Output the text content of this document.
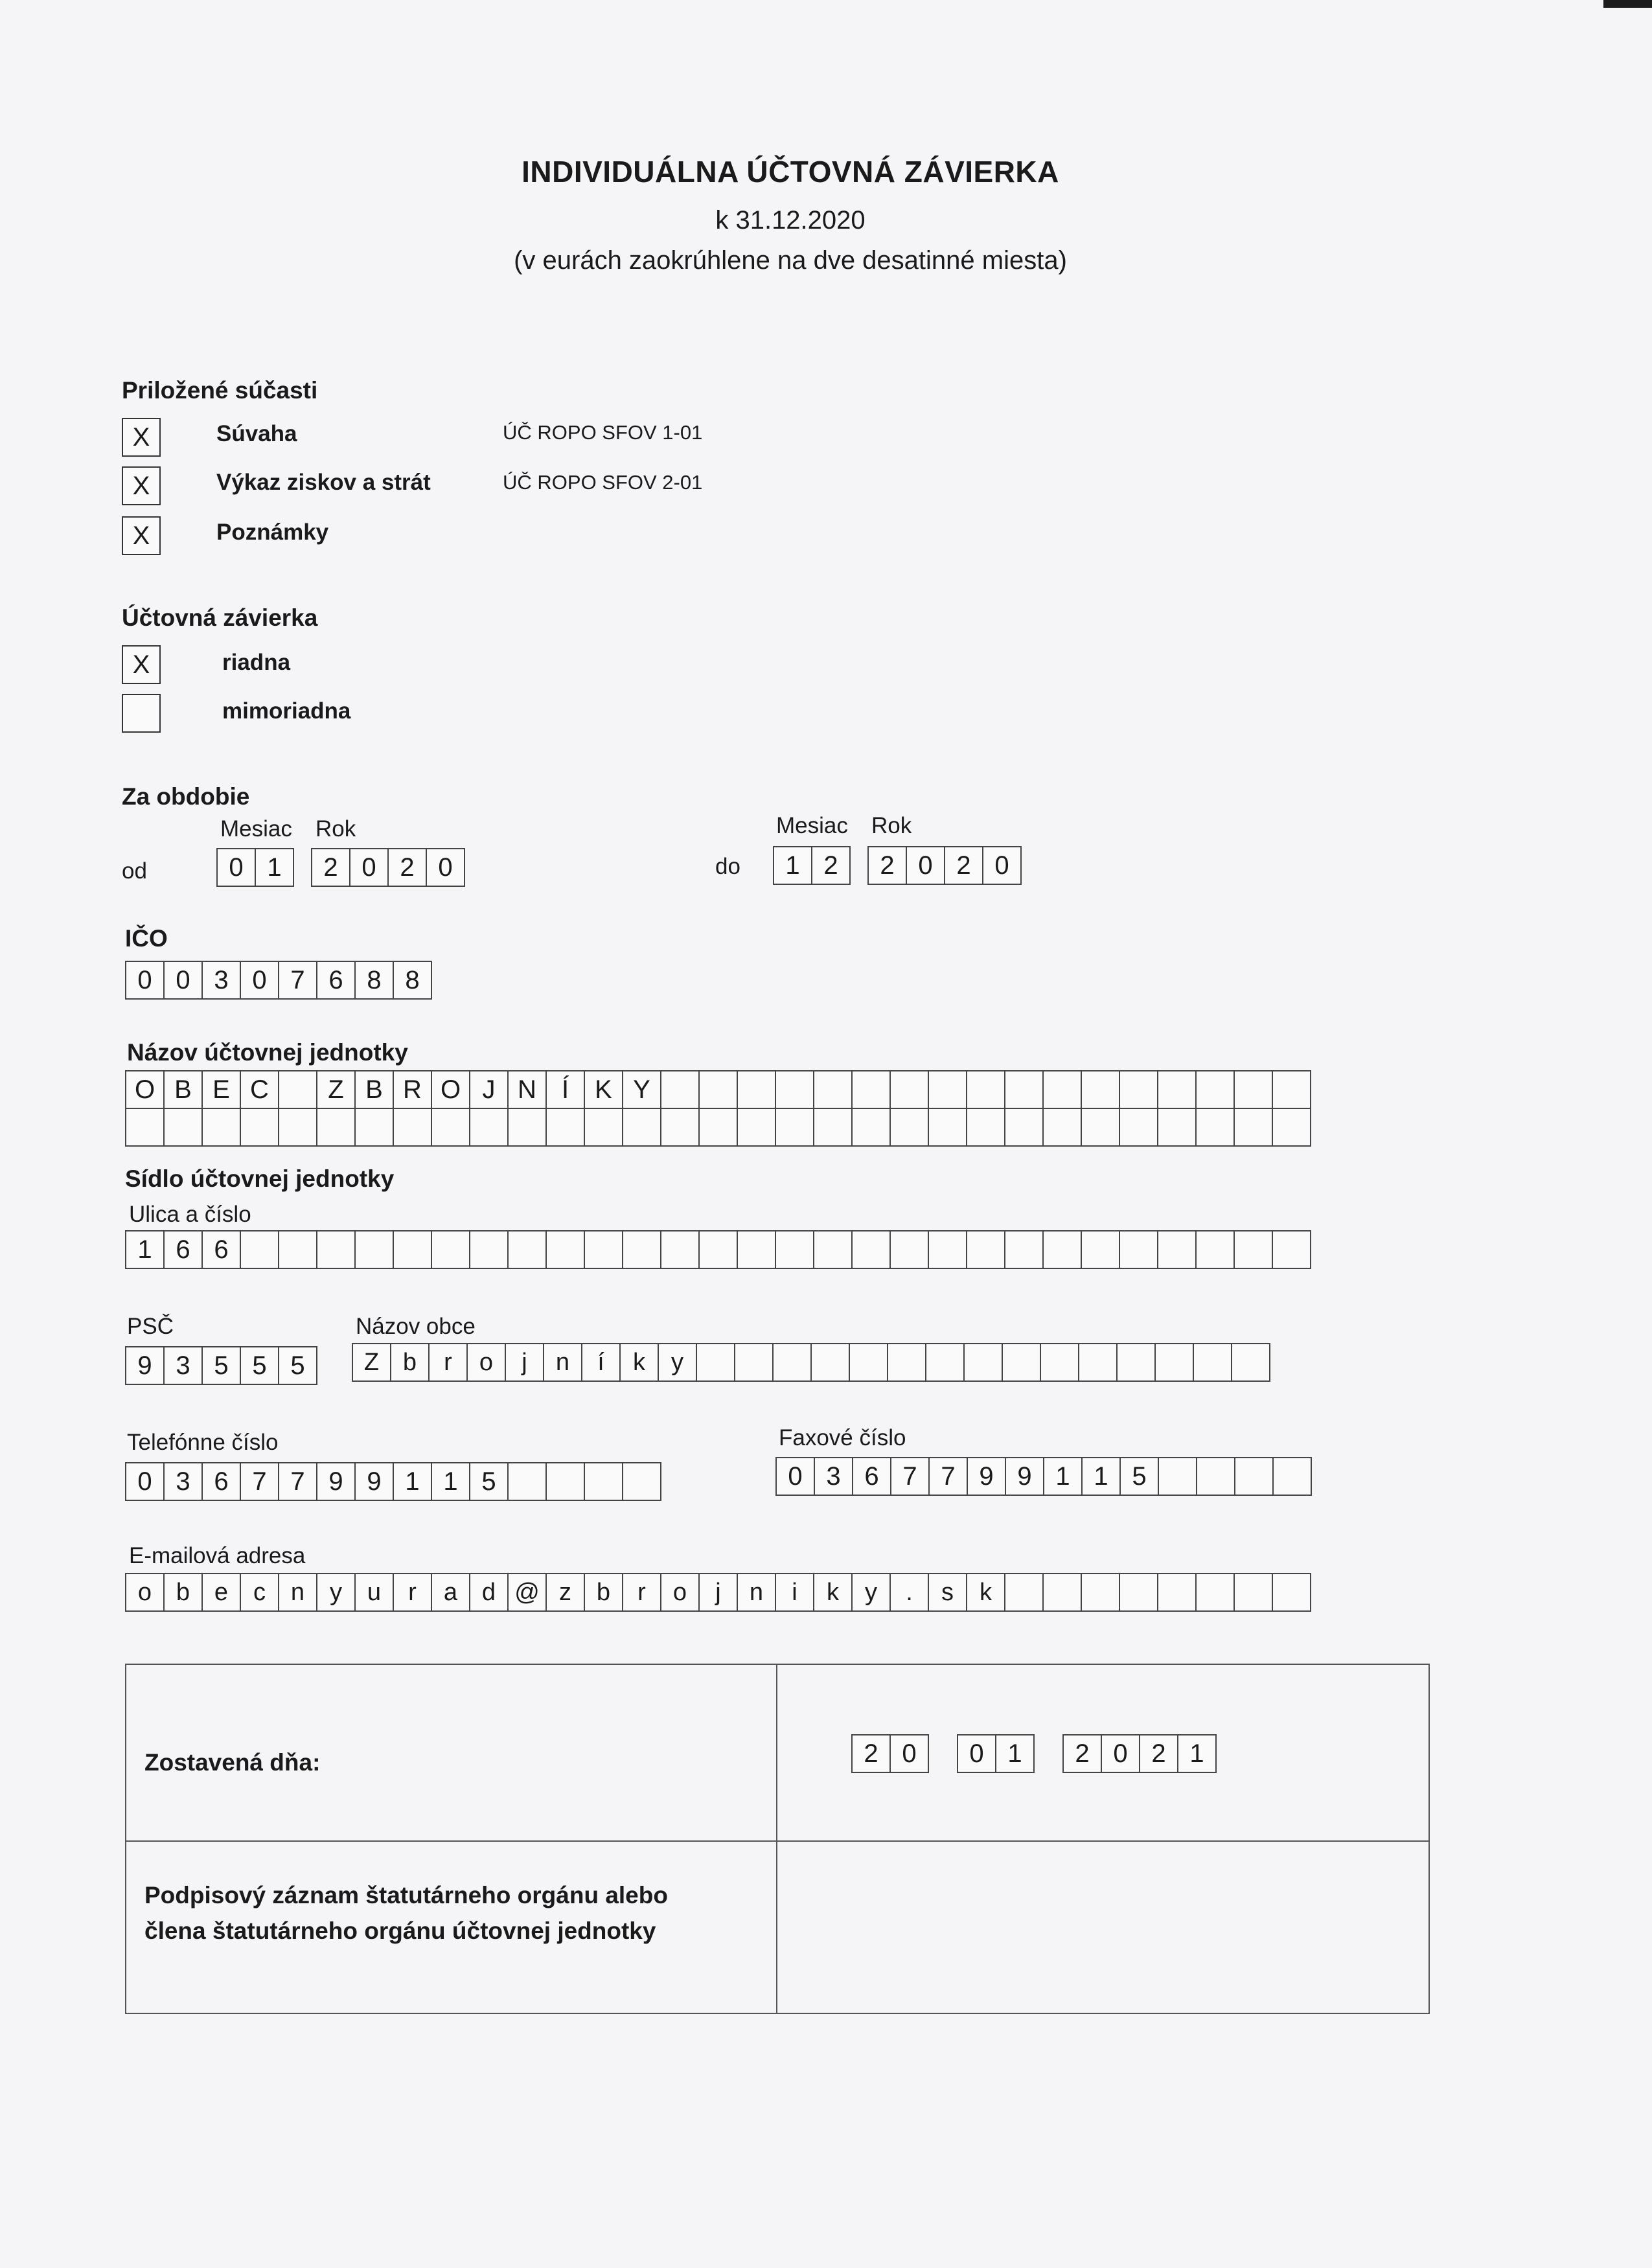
INDIVIDUÁLNA ÚČTOVNÁ ZÁVIERKA
k 31.12.2020
(v eurách zaokrúhlene na dve desatinné miesta)
Priložené súčasti
X	Súvaha	ÚČ ROPO SFOV 1-01
X	Výkaz ziskov a strát	ÚČ ROPO SFOV 2-01
X	Poznámky
Účtovná závierka
X	riadna
mimoriadna
Za obdobie
Mesiac Rok
od	0 1	2 0 2 0
Mesiac Rok
do	1 2	2 0 2 0
IČO
0 0 3 0 7 6 8 8
Názov účtovnej jednotky
O B E C	Z B R O J N Í	K Y
Sídlo účtovnej jednotky
Ulica a číslo
1 6 6
PSČ
9 3 5 5 5
Názov obce
Z b	r	o	j	n	í	k	y
Telefónne číslo
0 3 6 7 7 9 9 1 1 5
Faxové číslo
0 3 6 7 7 9 9 1 1 5
E-mailová adresa
o b e	c	n	y	u	r	a d @ z	b	r	o	j	n	i	k	y	.	s	k
Zostavená dňa:	2 0	0 1	2 0 2 1
Podpisový záznam štatutárneho orgánu alebo
člena štatutárneho orgánu účtovnej jednotky
